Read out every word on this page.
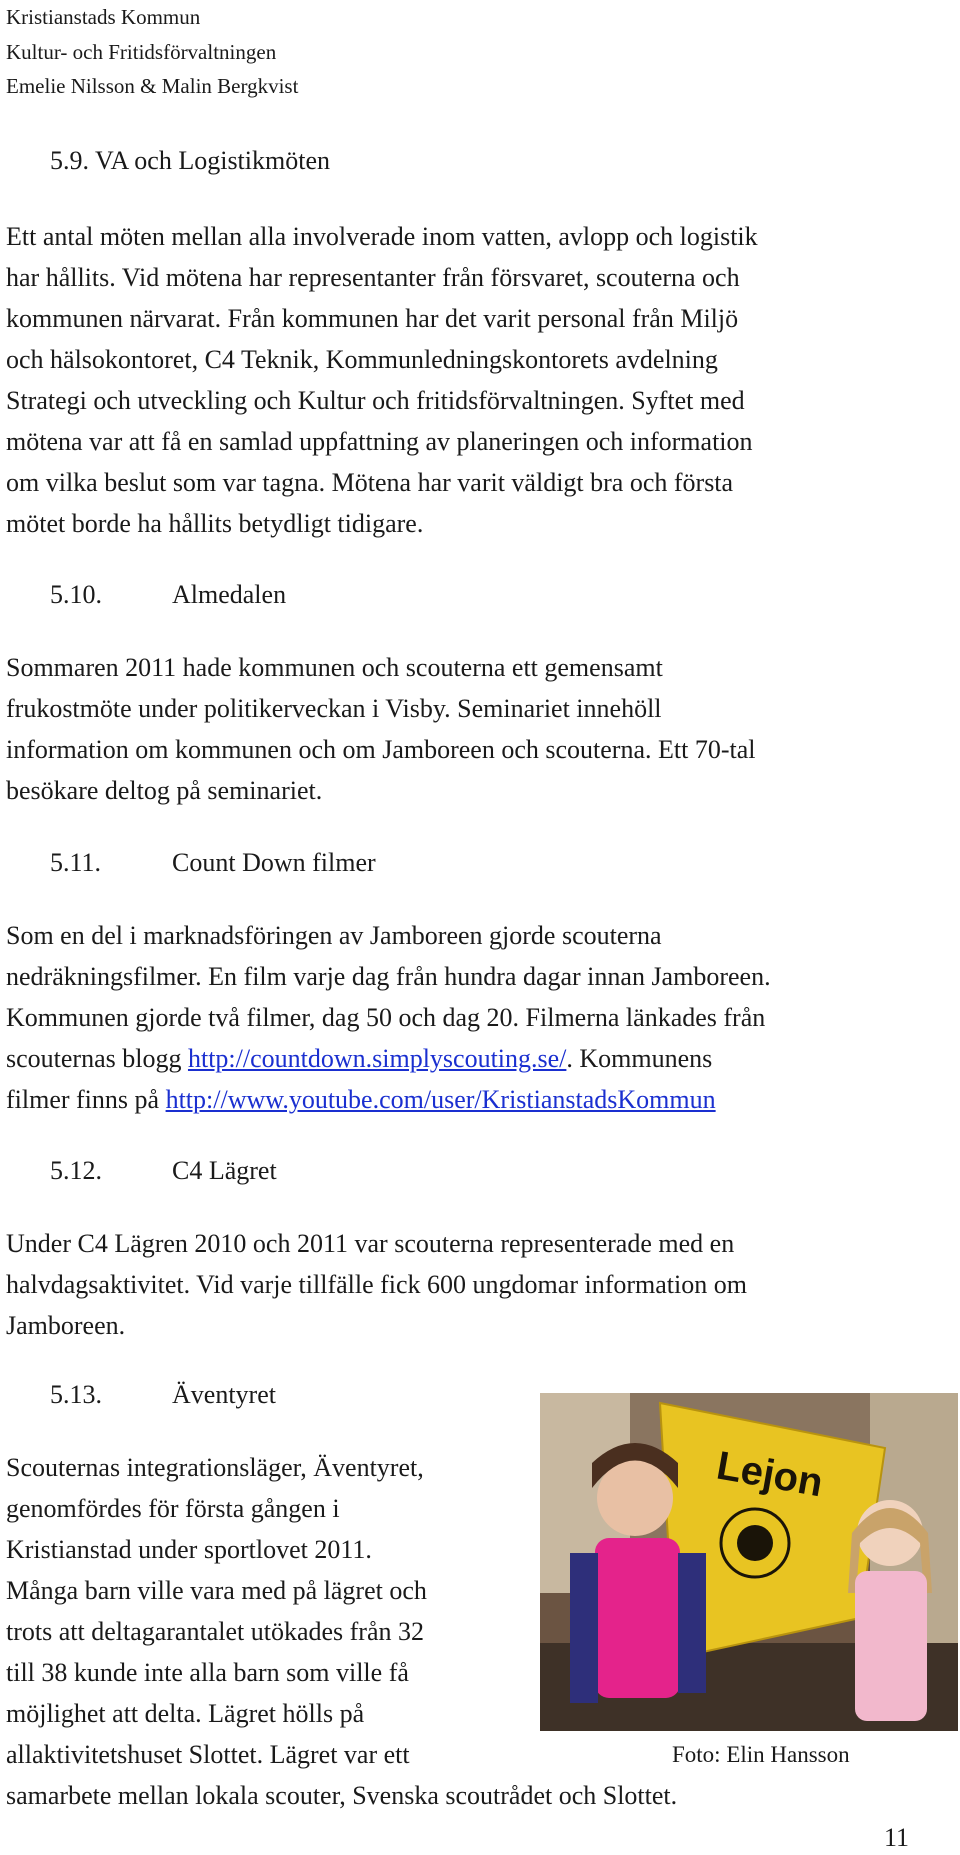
Kristianstads Kommun
Kultur- och Fritidsförvaltningen
Emelie Nilsson & Malin Bergkvist
5.9. VA och Logistikmöten
Ett antal möten mellan alla involverade inom vatten, avlopp och logistik
har hållits. Vid mötena har representanter från försvaret, scouterna och
kommunen närvarat. Från kommunen har det varit personal från Miljö
och hälsokontoret, C4 Teknik, Kommunledningskontorets avdelning
Strategi och utveckling och Kultur och fritidsförvaltningen. Syftet med
mötena var att få en samlad uppfattning av planeringen och information
om vilka beslut som var tagna. Mötena har varit väldigt bra och första
mötet borde ha hållits betydligt tidigare.
5.10.	Almedalen
Sommaren 2011 hade kommunen och scouterna ett gemensamt
frukostmöte under politikerveckan i Visby. Seminariet innehöll
information om kommunen och om Jamboreen och scouterna. Ett 70-tal
besökare deltog på seminariet.
5.11.	Count Down filmer
Som en del i marknadsföringen av Jamboreen gjorde scouterna
nedräkningsfilmer. En film varje dag från hundra dagar innan Jamboreen.
Kommunen gjorde två filmer, dag 50 och dag 20. Filmerna länkades från
scouternas blogg http://countdown.simplyscouting.se/. Kommunens
filmer finns på http://www.youtube.com/user/KristianstadsKommun
5.12.	C4 Lägret
Under C4 Lägren 2010 och 2011 var scouterna representerade med en
halvdagsaktivitet. Vid varje tillfälle fick 600 ungdomar information om
Jamboreen.
5.13.	Äventyret
Scouternas integrationsläger, Äventyret,
genomfördes för första gången i
Kristianstad under sportlovet 2011.
Många barn ville vara med på lägret och
trots att deltagarantalet utökades från 32
till 38 kunde inte alla barn som ville få
möjlighet att delta. Lägret hölls på
allaktivitetshuset Slottet. Lägret var ett
samarbete mellan lokala scouter, Svenska scoutrådet och Slottet.
Lejon
Foto: Elin Hansson
11
